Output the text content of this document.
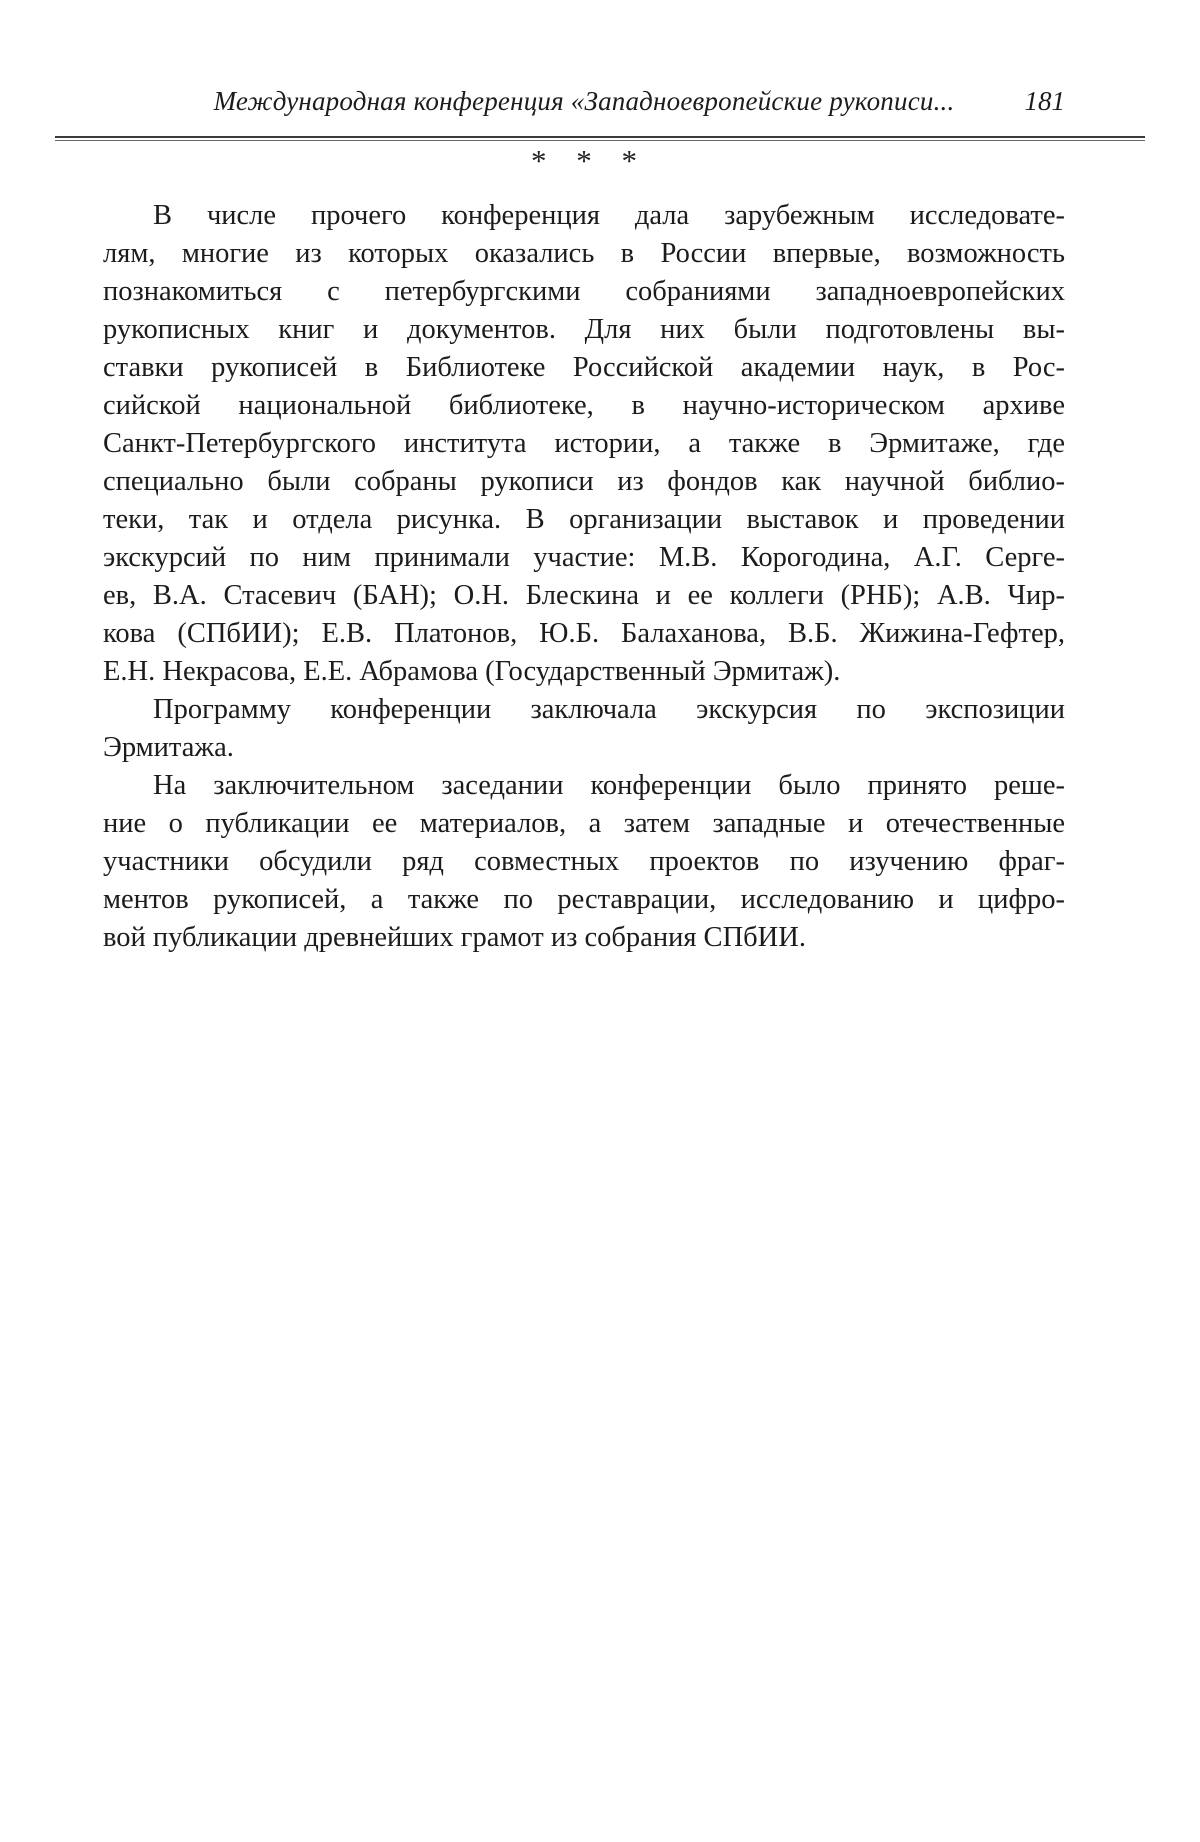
Международная конференция «Западноевропейские рукописи...	181
* * *

В числе прочего конференция дала зарубежным исследовате-
лям, многие из которых оказались в России впервые, возможность
познакомиться с петербургскими собраниями западноевропейских
рукописных книг и документов. Для них были подготовлены вы-
ставки рукописей в Библиотеке Российской академии наук, в Рос-
сийской национальной библиотеке, в научно-историческом архиве
Санкт-Петербургского института истории, а также в Эрмитаже, где
специально были собраны рукописи из фондов как научной библио-
теки, так и отдела рисунка. В организации выставок и проведении
экскурсий по ним принимали участие: М.В. Корогодина, А.Г. Серге-
ев, В.А. Стасевич (БАН); О.Н. Блескина и ее коллеги (РНБ); А.В. Чир-
кова (СПбИИ); Е.В. Платонов, Ю.Б. Балаханова, В.Б. Жижина-Гефтер,
Е.Н. Некрасова, Е.Е. Абрамова (Государственный Эрмитаж).

Программу конференции заключала экскурсия по экспозиции
Эрмитажа.

На заключительном заседании конференции было принято реше-
ние о публикации ее материалов, а затем западные и отечественные
участники обсудили ряд совместных проектов по изучению фраг-
ментов рукописей, а также по реставрации, исследованию и цифро-
вой публикации древнейших грамот из собрания СПбИИ.
